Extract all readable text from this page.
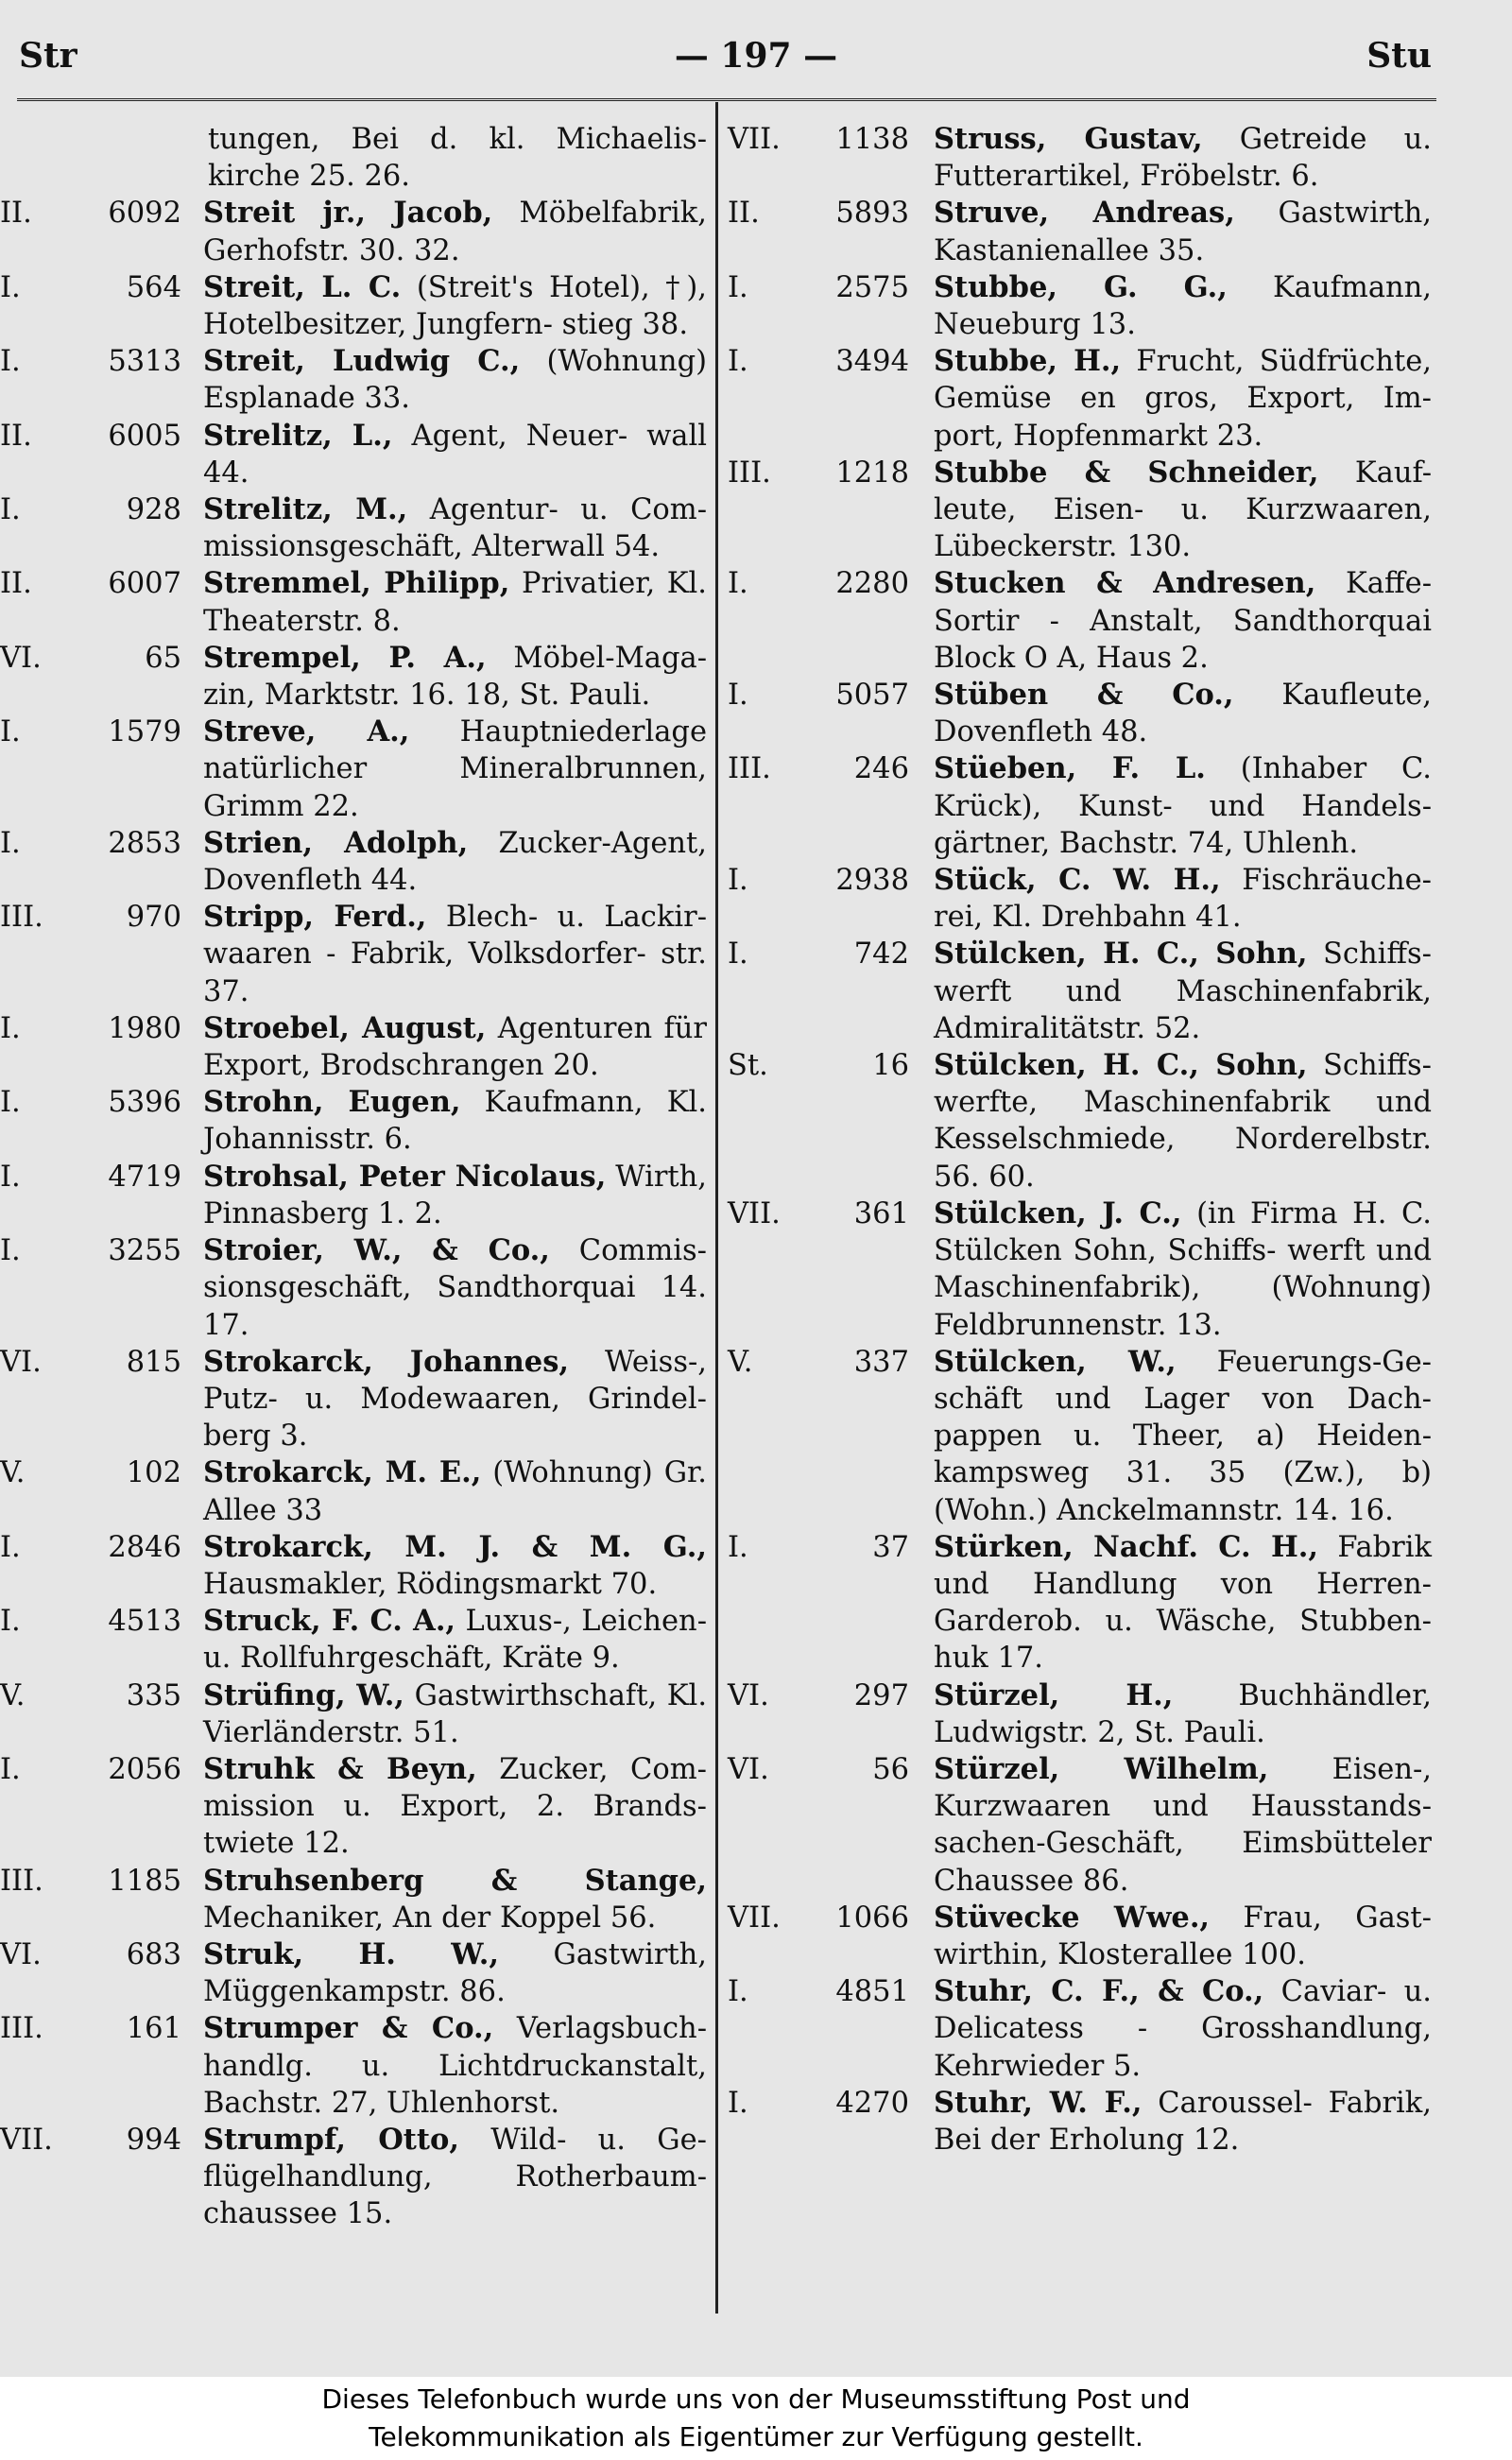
Str	— 197 —	Stu
tungen, Bei d. kl. Michaelis- kirche 25. 26.
II.	6092 Streit jr., Jacob, Möbelfabrik, Gerhofstr. 30. 32.
I.	564 Streit, L. C. (Streit's Hotel), †), Hotelbesitzer, Jungfern- stieg 38.
I.	5313 Streit, Ludwig C., (Wohnung) Esplanade 33.
II.	6005 Strelitz, L., Agent, Neuer- wall 44.
I.	928 Strelitz, M., Agentur- u. Com- missionsgeschäft, Alterwall 54.
II.	6007 Stremmel, Philipp, Privatier, Kl. Theaterstr. 8.
VI.	65 Strempel, P. A., Möbel-Maga- zin, Marktstr. 16. 18, St. Pauli.
I.	1579 Streve, A., Hauptniederlage natürlicher Mineralbrunnen, Grimm 22.
I.	2853 Strien, Adolph, Zucker-Agent, Dovenfleth 44.
III.	970 Stripp, Ferd., Blech- u. Lackir- waaren - Fabrik, Volksdorfer- str. 37.
I.	1980 Stroebel, August, Agenturen für Export, Brodschrangen 20.
I.	5396 Strohn, Eugen, Kaufmann, Kl. Johannisstr. 6.
I.	4719 Strohsal, Peter Nicolaus, Wirth, Pinnasberg 1. 2.
I.	3255 Stroier, W., & Co., Commis- sionsgeschäft, Sandthorquai 14. 17.
VI.	815 Strokarck, Johannes, Weiss-, Putz- u. Modewaaren, Grindel- berg 3.
V.	102 Strokarck, M. E., (Wohnung) Gr. Allee 33
I.	2846 Strokarck, M. J. & M. G., Hausmakler, Rödingsmarkt 70.
I.	4513 Struck, F. C. A., Luxus-, Leichen- u. Rollfuhrgeschäft, Kräte 9.
V.	335 Strüfing, W., Gastwirthschaft, Kl. Vierländerstr. 51.
I.	2056 Struhk & Beyn, Zucker, Com- mission u. Export, 2. Brands- twiete 12.
III. 1185 Struhsenberg & Stange, Mechaniker, An der Koppel 56.
VI.	683 Struk, H. W., Gastwirth, Müggenkampstr. 86.
III.	161 Strumper & Co., Verlagsbuch- handlg. u. Lichtdruckanstalt, Bachstr. 27, Uhlenhorst.
VII.	994 Strumpf, Otto, Wild- u. Ge- flügelhandlung, Rotherbaum- chaussee 15.
VII. 1138 Struss, Gustav, Getreide u. Futterartikel, Fröbelstr. 6.
II.	5893 Struve, Andreas, Gastwirth, Kastanienallee 35.
I.	2575 Stubbe, G. G., Kaufmann, Neueburg 13.
I.	3494 Stubbe, H., Frucht, Südfrüchte, Gemüse en gros, Export, Im- port, Hopfenmarkt 23.
III. 1218 Stubbe & Schneider, Kauf- leute, Eisen- u. Kurzwaaren, Lübeckerstr. 130.
I.	2280 Stucken & Andresen, Kaffe- Sortir - Anstalt, Sandthorquai Block O A, Haus 2.
I.	5057 Stüben & Co., Kaufleute, Dovenfleth 48.
III.	246 Stüeben, F. L. (Inhaber C. Krück), Kunst- und Handels- gärtner, Bachstr. 74, Uhlenh.
I.	2938 Stück, C. W. H., Fischräuche- rei, Kl. Drehbahn 41.
I.	742 Stülcken, H. C., Sohn, Schiffs- werft und Maschinenfabrik, Admiralitätstr. 52.
St.	16 Stülcken, H. C., Sohn, Schiffs- werfte, Maschinenfabrik und Kesselschmiede, Norderelbstr. 56. 60.
VII.	361 Stülcken, J. C., (in Firma H. C. Stülcken Sohn, Schiffs- werft und Maschinenfabrik), (Wohnung) Feldbrunnenstr. 13.
V.	337 Stülcken, W., Feuerungs-Ge- schäft und Lager von Dach- pappen u. Theer, a) Heiden- kampsweg 31. 35 (Zw.), b) (Wohn.) Anckelmannstr. 14. 16.
I.	37 Stürken, Nachf. C. H., Fabrik und Handlung von Herren- Garderob. u. Wäsche, Stubben- huk 17.
VI.	297 Stürzel, H., Buchhändler, Ludwigstr. 2, St. Pauli.
VI.	56 Stürzel, Wilhelm, Eisen-, Kurzwaaren und Hausstands- sachen-Geschäft, Eimsbütteler Chaussee 86.
VII. 1066 Stüvecke Wwe., Frau, Gast- wirthin, Klosterallee 100.
I.	4851 Stuhr, C. F., & Co., Caviar- u. Delicatess - Grosshandlung, Kehrwieder 5.
I.	4270 Stuhr, W. F., Caroussel- Fabrik, Bei der Erholung 12.

Dieses Telefonbuch wurde uns von der Museumsstiftung Post und

Telekommunikation als Eigentümer zur Verfügung gestellt.
